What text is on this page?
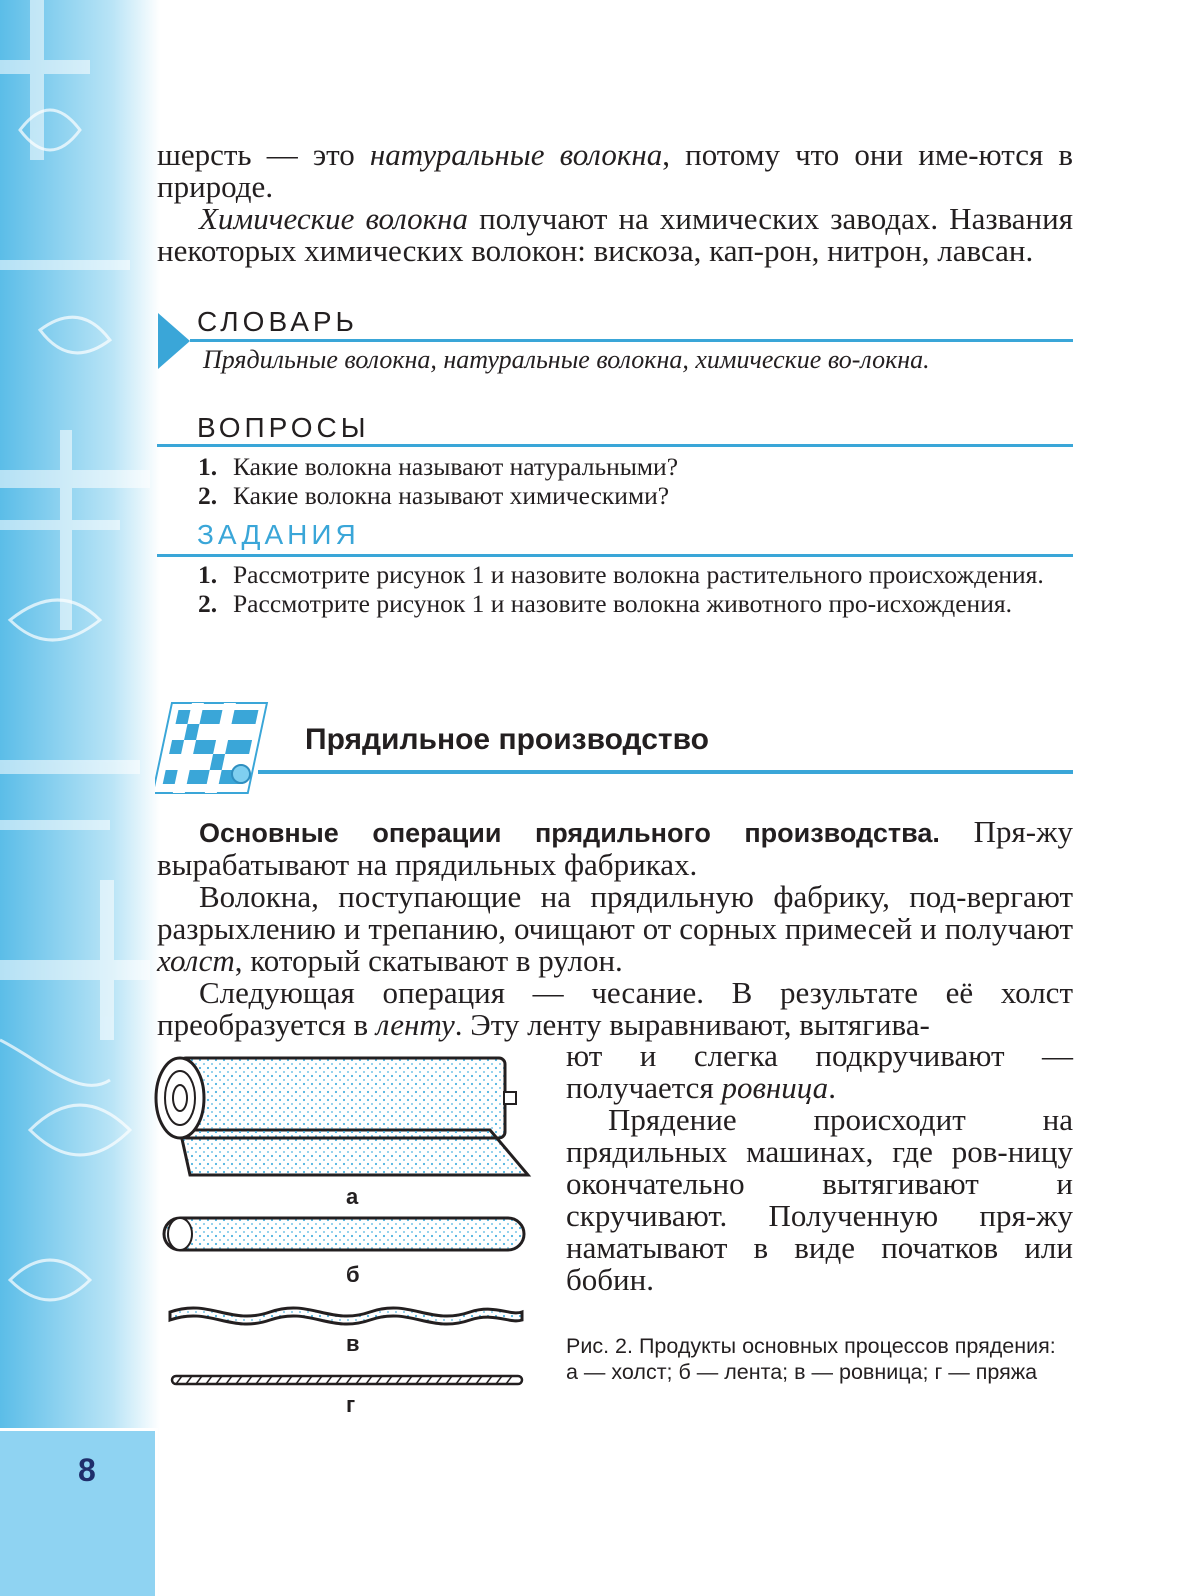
8

шерсть — это натуральные волокна, потому что они име-ются в природе.

Химические волокна получают на химических заводах. Названия некоторых химических волокон: вискоза, кап-рон, нитрон, лавсан.

СЛОВАРЬ

Прядильные волокна, натуральные волокна, химические во-локна.

ВОПРОСЫ
1. Какие волокна называют натуральными?
2. Какие волокна называют химическими?
ЗАДАНИЯ
1. Рассмотрите рисунок 1 и назовите волокна растительного происхождения.
2. Рассмотрите рисунок 1 и назовите волокна животного про-исхождения.
Прядильное производство

Основные операции прядильного производства. Пря-жу вырабатывают на прядильных фабриках.

Волокна, поступающие на прядильную фабрику, под-вергают разрыхлению и трепанию, очищают от сорных примесей и получают холст, который скатывают в рулон.

Следующая операция — чесание. В результате её холст преобразуется в ленту. Эту ленту выравнивают, вытягива-

ют и слегка подкручивают — получается ровница.

Прядение происходит на прядильных машинах, где ров-ницу окончательно вытягивают и скручивают. Полученную пря-жу наматывают в виде початков или бобин.

а
б
в
г
Рис. 2. Продукты основных процессов прядения: а — холст; б — лента; в — ровница; г — пряжа
